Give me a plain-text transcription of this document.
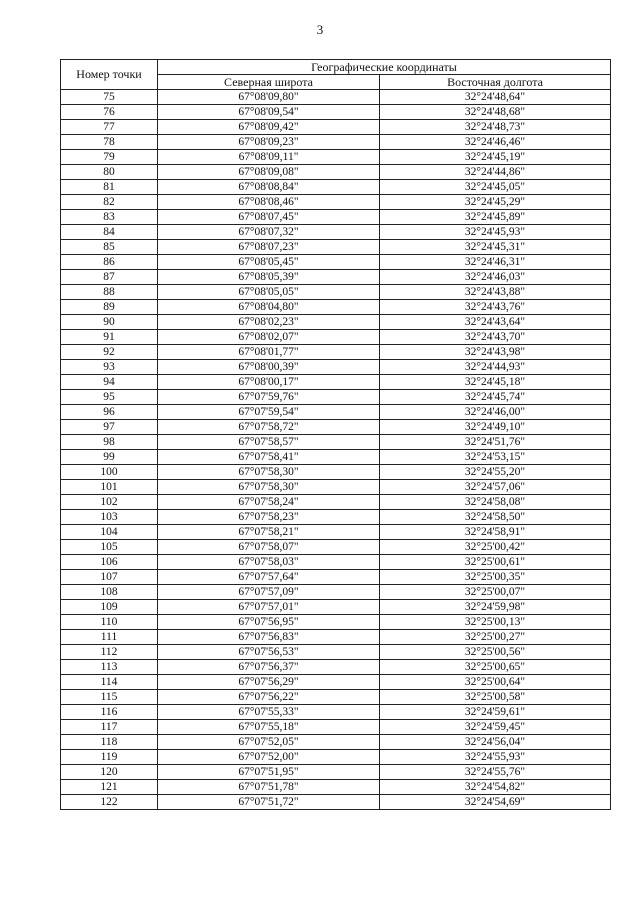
3
Номер точки	Географические координаты	
	Северная широта	Восточная долгота
75	67°08'09,80"	32°24'48,64"
76	67°08'09,54"	32°24'48,68"
77	67°08'09,42"	32°24'48,73"
78	67°08'09,23"	32°24'46,46"
79	67°08'09,11"	32°24'45,19"
80	67°08'09,08"	32°24'44,86"
81	67°08'08,84"	32°24'45,05"
82	67°08'08,46"	32°24'45,29"
83	67°08'07,45"	32°24'45,89"
84	67°08'07,32"	32°24'45,93"
85	67°08'07,23"	32°24'45,31"
86	67°08'05,45"	32°24'46,31"
87	67°08'05,39"	32°24'46,03"
88	67°08'05,05"	32°24'43,88"
89	67°08'04,80"	32°24'43,76"
90	67°08'02,23"	32°24'43,64"
91	67°08'02,07"	32°24'43,70"
92	67°08'01,77"	32°24'43,98"
93	67°08'00,39"	32°24'44,93"
94	67°08'00,17"	32°24'45,18"
95	67°07'59,76"	32°24'45,74"
96	67°07'59,54"	32°24'46,00"
97	67°07'58,72"	32°24'49,10"
98	67°07'58,57"	32°24'51,76"
99	67°07'58,41"	32°24'53,15"
100	67°07'58,30"	32°24'55,20"
101	67°07'58,30"	32°24'57,06"
102	67°07'58,24"	32°24'58,08"
103	67°07'58,23"	32°24'58,50"
104	67°07'58,21"	32°24'58,91"
105	67°07'58,07"	32°25'00,42"
106	67°07'58,03"	32°25'00,61"
107	67°07'57,64"	32°25'00,35"
108	67°07'57,09"	32°25'00,07"
109	67°07'57,01"	32°24'59,98"
110	67°07'56,95"	32°25'00,13"
111	67°07'56,83"	32°25'00,27"
112	67°07'56,53"	32°25'00,56"
113	67°07'56,37"	32°25'00,65"
114	67°07'56,29"	32°25'00,64"
115	67°07'56,22"	32°25'00,58"
116	67°07'55,33"	32°24'59,61"
117	67°07'55,18"	32°24'59,45"
118	67°07'52,05"	32°24'56,04"
119	67°07'52,00"	32°24'55,93"
120	67°07'51,95"	32°24'55,76"
121	67°07'51,78"	32°24'54,82"
122	67°07'51,72"	32°24'54,69"
